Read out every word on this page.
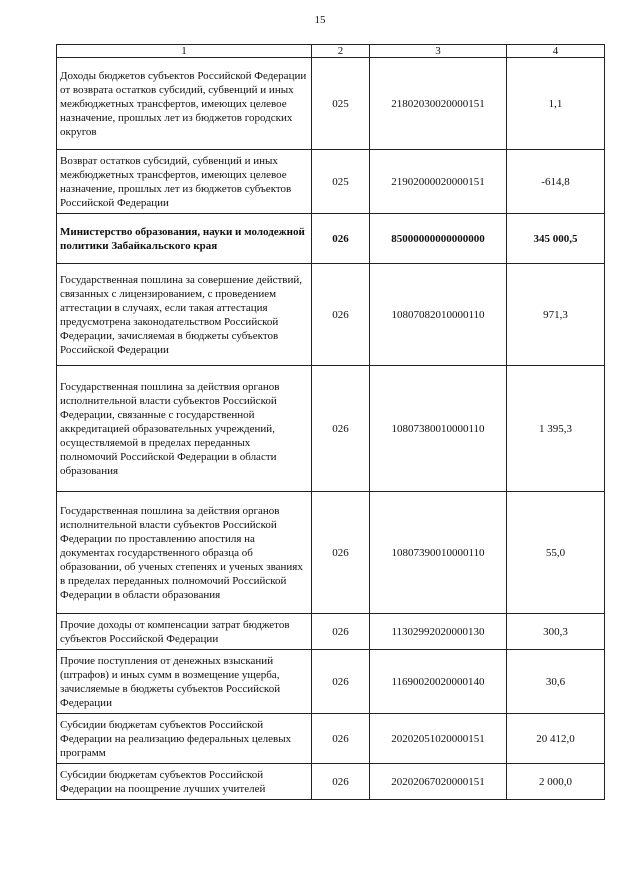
15
1	2	3	4
Доходы бюджетов субъектов Российской Федерации от возврата остатков субсидий, субвенций и иных межбюджетных трансфертов, имеющих целевое назначение, прошлых лет из бюджетов городских округов	025	21802030020000151	1,1
Возврат остатков субсидий, субвенций и иных межбюджетных трансфертов, имеющих целевое назначение, прошлых лет из бюджетов субъектов Российской Федерации	025	21902000020000151	-614,8
Министерство образования, науки и молодежной политики Забайкальского края	026	85000000000000000	345 000,5
Государственная пошлина за совершение действий, связанных с лицензированием, с проведением аттестации в случаях, если такая аттестация предусмотрена законодательством Российской Федерации, зачисляемая в бюджеты субъектов Российской Федерации	026	10807082010000110	971,3
Государственная пошлина за действия органов исполнительной власти субъектов Российской Федерации, связанные с государственной аккредитацией образовательных учреждений, осуществляемой в пределах переданных полномочий Российской Федерации в области образования	026	10807380010000110	1 395,3
Государственная пошлина за действия органов исполнительной власти субъектов Российской Федерации по проставлению апостиля на документах государственного образца об образовании, об ученых степенях и ученых званиях в пределах переданных полномочий Российской Федерации в области образования	026	10807390010000110	55,0
Прочие доходы от компенсации затрат бюджетов субъектов Российской Федерации	026	11302992020000130	300,3
Прочие поступления от денежных взысканий (штрафов) и иных сумм в возмещение ущерба, зачисляемые в бюджеты субъектов Российской Федерации	026	11690020020000140	30,6
Субсидии бюджетам субъектов Российской Федерации на реализацию федеральных целевых программ	026	20202051020000151	20 412,0
Субсидии бюджетам субъектов Российской Федерации на поощрение лучших учителей	026	20202067020000151	2 000,0
